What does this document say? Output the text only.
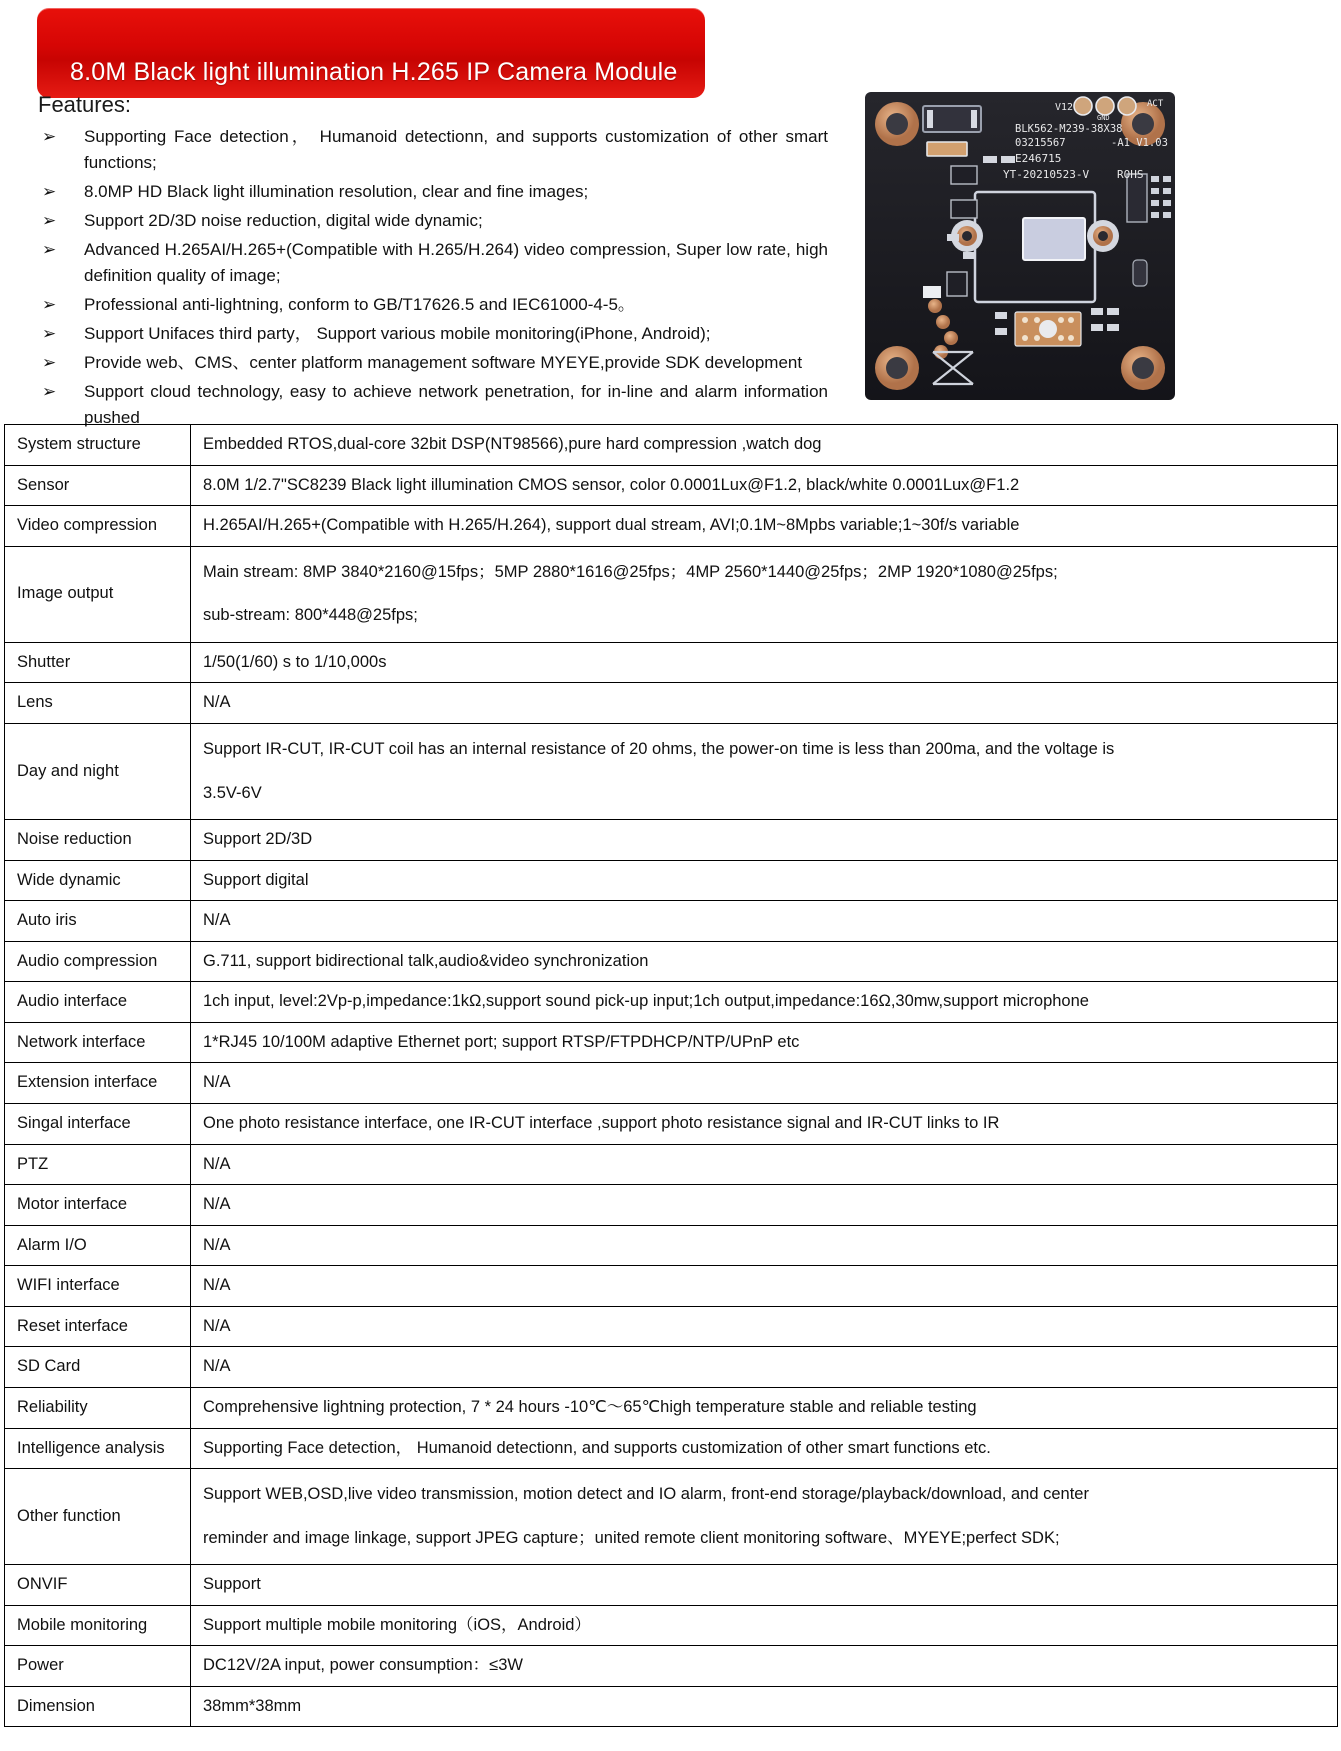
8.0M Black light illumination H.265 IP Camera Module
Features:
➢	Supporting Face detection， Humanoid detectionn, and supports customization of other smart functions;
➢	8.0MP HD Black light illumination resolution, clear and fine images;
➢	Support 2D/3D noise reduction, digital wide dynamic;
➢	Advanced H.265AI/H.265+(Compatible with H.265/H.264) video compression, Super low rate, high definition quality of image;
➢	Professional anti-lightning, conform to GB/T17626.5 and IEC61000-4-5。
➢	Support Unifaces third party， Support various mobile monitoring(iPhone, Android);
➢	Provide web、CMS、center platform management software MYEYE,provide SDK development
➢	Support cloud technology, easy to achieve network penetration, for in-line and alarm information pushed
V12
GND
ACT
BLK562-M239-38X38
03215567	-A1 V1.03
E246715
YT-20210523-V	ROHS
System structure	Embedded RTOS,dual-core 32bit DSP(NT98566),pure hard compression ,watch dog

Sensor	8.0M 1/2.7"SC8239 Black light illumination CMOS sensor, color 0.0001Lux@F1.2, black/white 0.0001Lux@F1.2

Video compression	H.265AI/H.265+(Compatible with H.265/H.264), support dual stream, AVI;0.1M~8Mpbs variable;1~30f/s variable

Image output	Main stream: 8MP 3840*2160@15fps；5MP 2880*1616@25fps；4MP 2560*1440@25fps；2MP 1920*1080@25fps;
sub-stream: 800*448@25fps;

Shutter	1/50(1/60) s to 1/10,000s

Lens	N/A

Day and night	Support IR-CUT, IR-CUT coil has an internal resistance of 20 ohms, the power-on time is less than 200ma, and the voltage is
3.5V-6V

Noise reduction	Support 2D/3D

Wide dynamic	Support digital

Auto iris	N/A

Audio compression	G.711, support bidirectional talk,audio&video synchronization

Audio interface	1ch input, level:2Vp-p,impedance:1kΩ,support sound pick-up input;1ch output,impedance:16Ω,30mw,support microphone

Network interface	1*RJ45 10/100M adaptive Ethernet port; support RTSP/FTPDHCP/NTP/UPnP etc

Extension interface	N/A

Singal interface	One photo resistance interface, one IR-CUT interface ,support photo resistance signal and IR-CUT links to IR

PTZ	N/A

Motor interface	N/A

Alarm I/O	N/A

WIFI interface	N/A

Reset interface	N/A

SD Card	N/A

Reliability	Comprehensive lightning protection, 7 * 24 hours -10℃～65℃high temperature stable and reliable testing

Intelligence analysis	Supporting Face detection， Humanoid detectionn, and supports customization of other smart functions etc.

Other function	Support WEB,OSD,live video transmission, motion detect and IO alarm, front-end storage/playback/download, and center
reminder and image linkage, support JPEG capture；united remote client monitoring software、MYEYE;perfect SDK;

ONVIF	Support

Mobile monitoring	Support multiple mobile monitoring（iOS，Android）

Power	DC12V/2A input, power consumption：≤3W

Dimension	38mm*38mm
